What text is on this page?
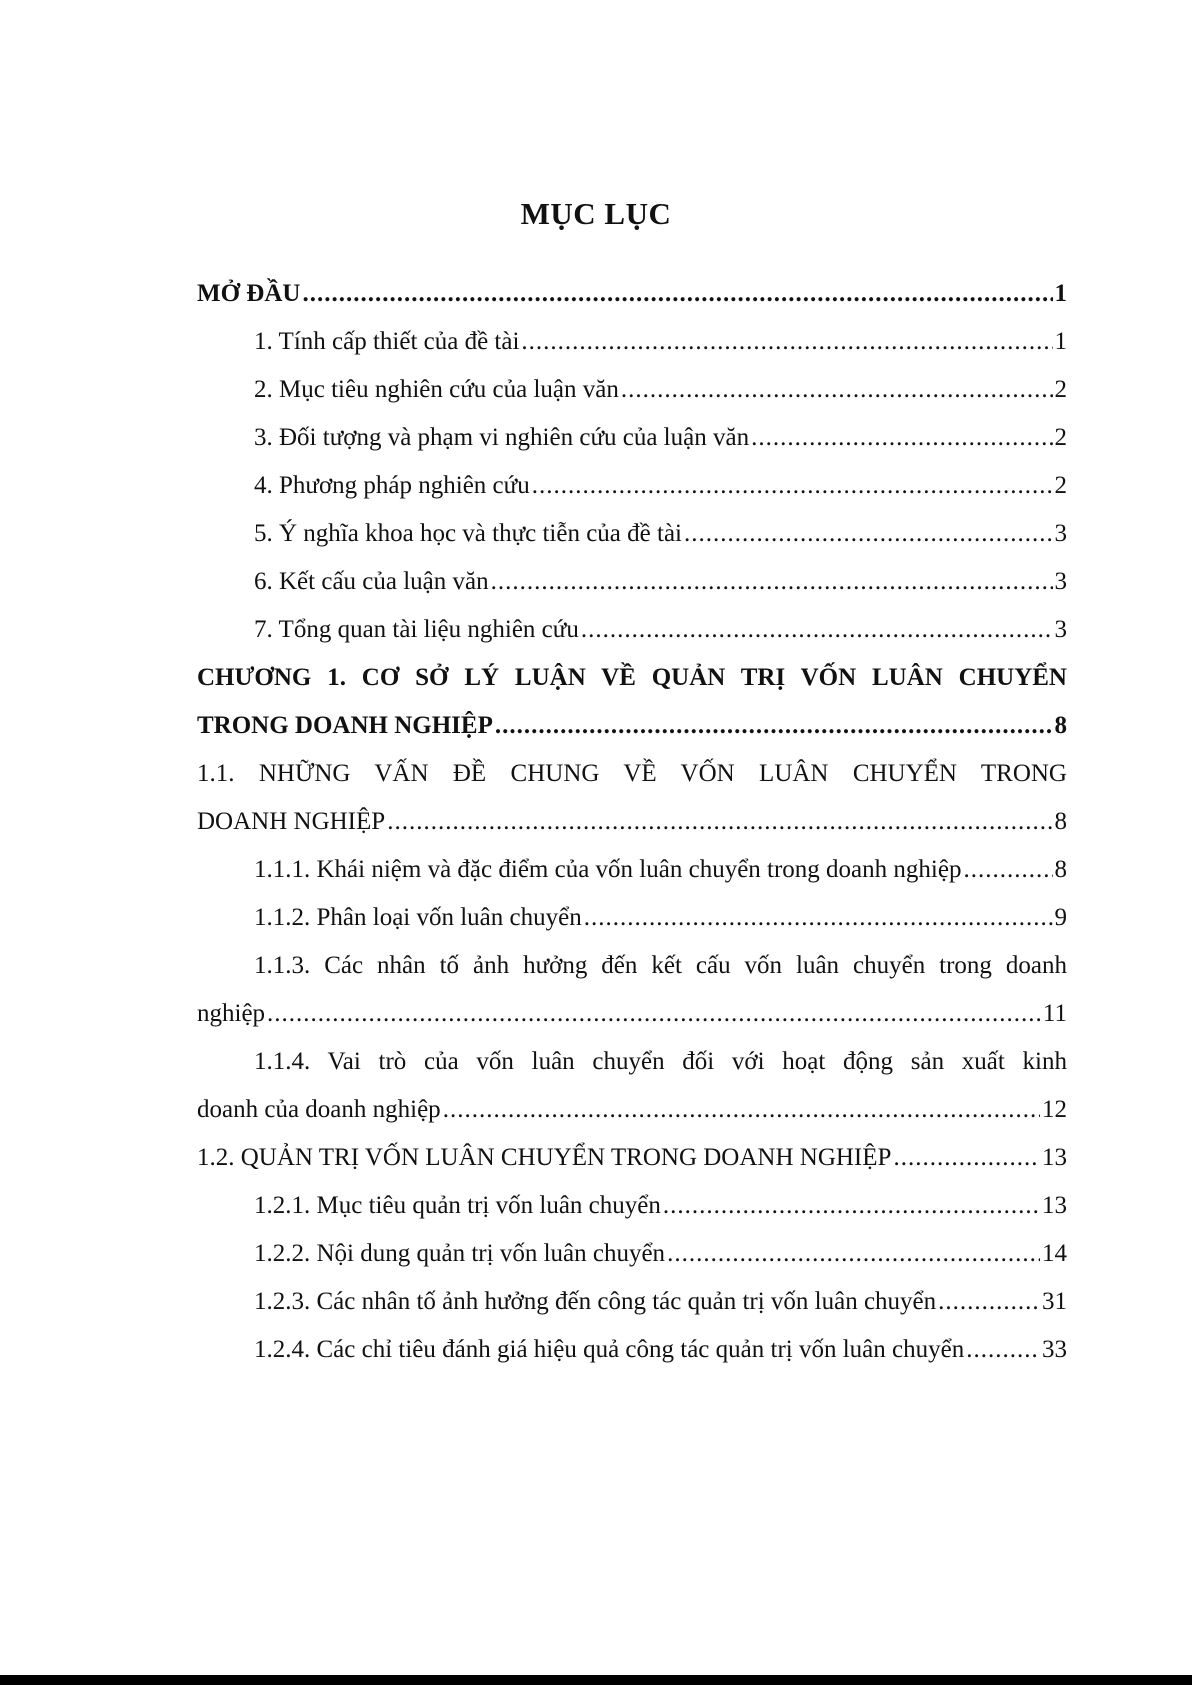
MỤC LỤC
MỞ ĐẦU .....	1
1. Tính cấp thiết của đề tài .....	1
2. Mục tiêu nghiên cứu của luận văn .....	2
3. Đối tượng và phạm vi nghiên cứu của luận văn .....	2
4. Phương pháp nghiên cứu .....	2
5. Ý nghĩa khoa học và thực tiễn của đề tài .....	3
6. Kết cấu của luận văn .....	3
7. Tổng quan tài liệu nghiên cứu .....	3
CHƯƠNG 1. CƠ SỞ LÝ LUẬN VỀ QUẢN TRỊ VỐN LUÂN CHUYỂN
TRONG DOANH NGHIỆP .....	8
1.1. NHỮNG VẤN ĐỀ CHUNG VỀ VỐN LUÂN CHUYỂN TRONG
DOANH NGHIỆP .....	8
1.1.1. Khái niệm và đặc điểm của vốn luân chuyển trong doanh nghiệp .....	8
1.1.2. Phân loại vốn luân chuyển .....	9
1.1.3. Các nhân tố ảnh hưởng đến kết cấu vốn luân chuyển trong doanh
nghiệp .....	11
1.1.4. Vai trò của vốn luân chuyển đối với hoạt động sản xuất kinh
doanh của doanh nghiệp .....	12
1.2. QUẢN TRỊ VỐN LUÂN CHUYỂN TRONG DOANH NGHIỆP .....	13
1.2.1. Mục tiêu quản trị vốn luân chuyển .....	13
1.2.2. Nội dung quản trị vốn luân chuyển .....	14
1.2.3. Các nhân tố ảnh hưởng đến công tác quản trị vốn luân chuyển .....	31
1.2.4. Các chỉ tiêu đánh giá hiệu quả công tác quản trị vốn luân chuyển .....	33
